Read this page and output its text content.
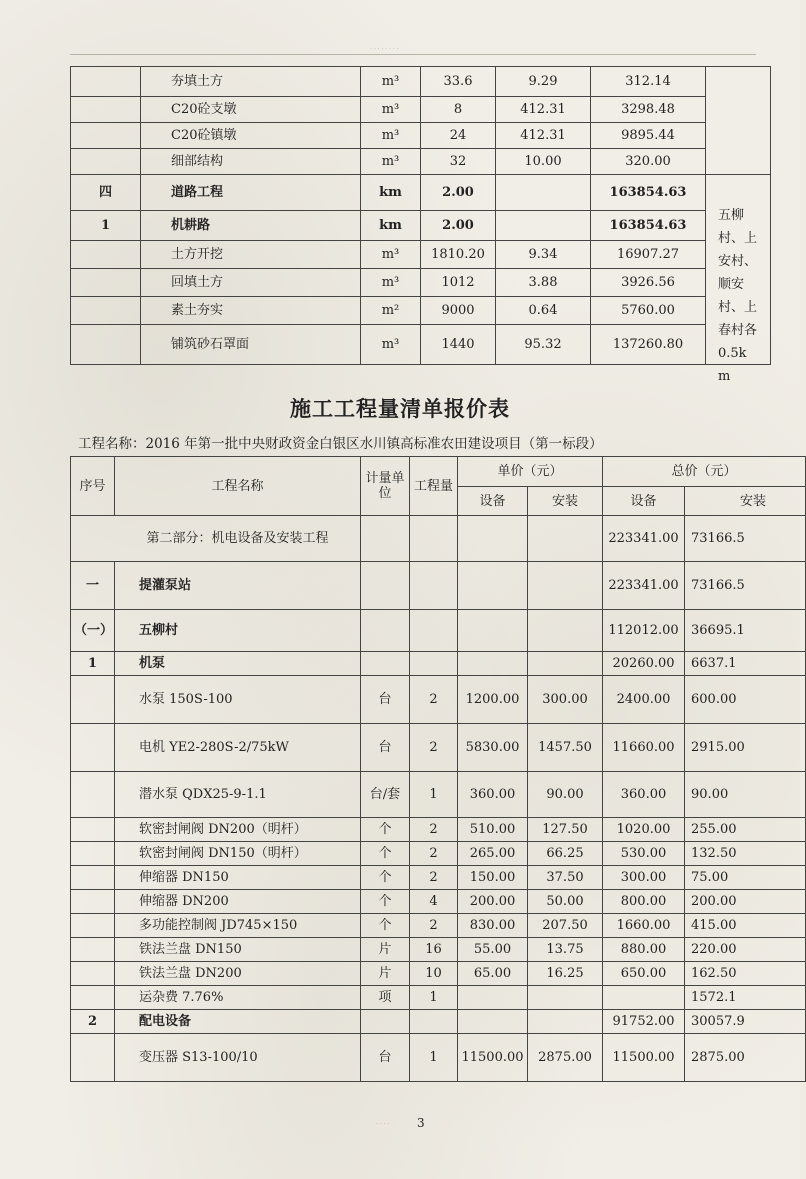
· · · · · · · ·
	夯填土方	m³	33.6	9.29	312.14	
	C20砼支墩	m³	8	412.31	3298.48	
	C20砼镇墩	m³	24	412.31	9895.44	
	细部结构	m³	32	10.00	320.00	
四	道路工程	km	2.00		163854.63	
1	机耕路	km	2.00		163854.63	
	土方开挖	m³	1810.20	9.34	16907.27	
	回填土方	m³	1012	3.88	3926.56	
	素土夯实	m²	9000	0.64	5760.00	
	铺筑砂石罩面	m³	1440	95.32	137260.80	
五柳村、上安村、顺安村、上春村各0.5km
施工工程量清单报价表
工程名称：2016 年第一批中央财政资金白银区水川镇高标准农田建设项目（第一标段）
序号	工程名称	计量单位	工程量	单价（元）		总价（元）	
				设备	安装	设备	安装
	第二部分：机电设备及安装工程					223341.00	73166.5
一	提灌泵站					223341.00	73166.5
（一）	五柳村					112012.00	36695.1
1	机泵					20260.00	6637.1
	水泵 150S-100	台	2	1200.00	300.00	2400.00	600.00
	电机 YE2-280S-2/75kW	台	2	5830.00	1457.50	11660.00	2915.00
	潜水泵 QDX25-9-1.1	台/套	1	360.00	90.00	360.00	90.00
	软密封闸阀 DN200（明杆）	个	2	510.00	127.50	1020.00	255.00
	软密封闸阀 DN150（明杆）	个	2	265.00	66.25	530.00	132.50
	伸缩器 DN150	个	2	150.00	37.50	300.00	75.00
	伸缩器 DN200	个	4	200.00	50.00	800.00	200.00
	多功能控制阀 JD745×150	个	2	830.00	207.50	1660.00	415.00
	铁法兰盘 DN150	片	16	55.00	13.75	880.00	220.00
	铁法兰盘 DN200	片	10	65.00	16.25	650.00	162.50
	运杂费 7.76%	项	1				1572.1
2	配电设备					91752.00	30057.9
	变压器 S13-100/10	台	1	11500.00	2875.00	11500.00	2875.00
· · · · 3
